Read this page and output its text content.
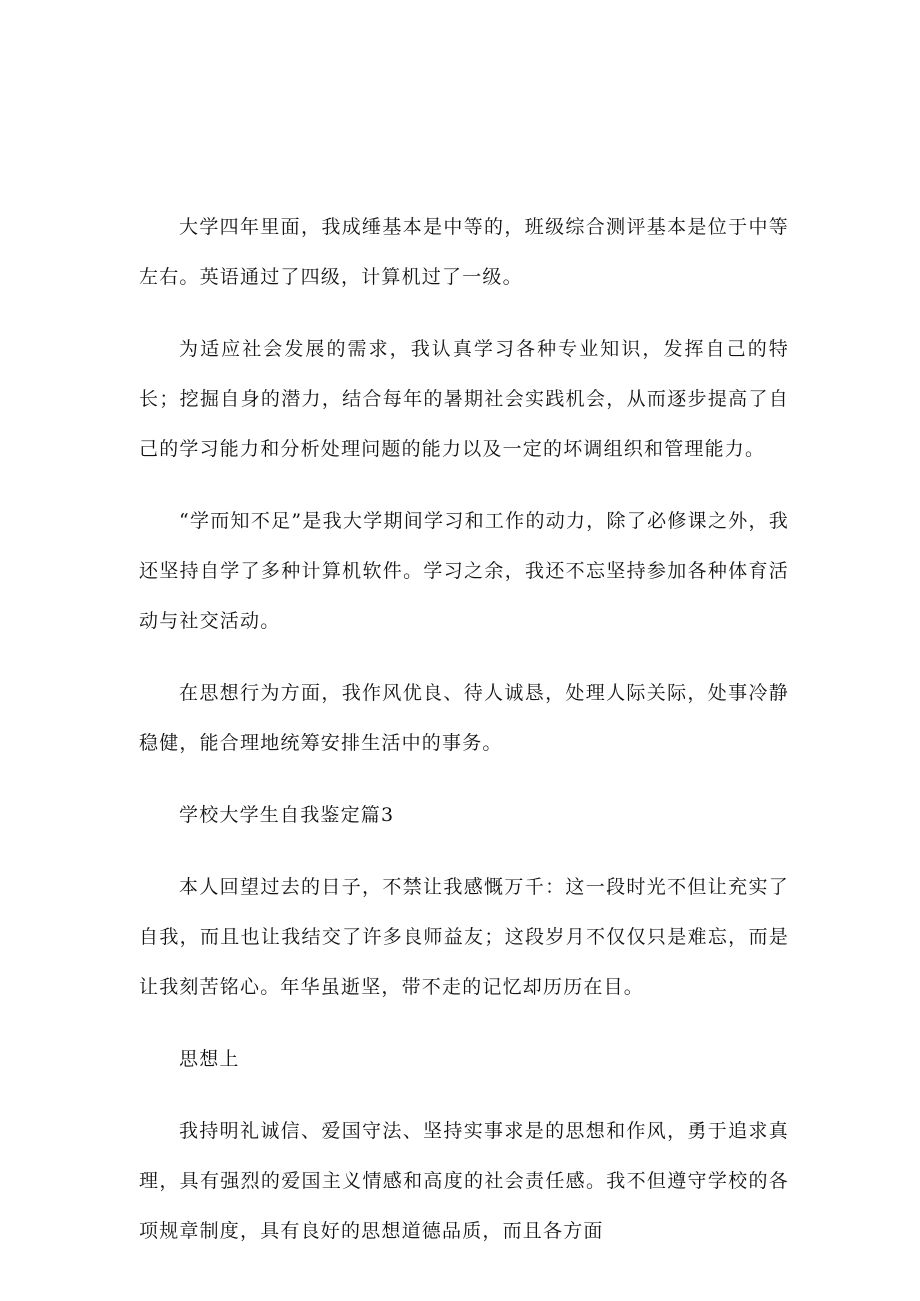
大学四年里面，我成缍基本是中等的，班级综合测评基本是位于中等左右。英语通过了四级，计算机过了一级。

为适应社会发展的需求，我认真学习各种专业知识，发挥自己的特长；挖掘自身的潜力，结合每年的暑期社会实践机会，从而逐步提高了自己的学习能力和分析处理问题的能力以及一定的坏调组织和管理能力。

“学而知不足”是我大学期间学习和工作的动力，除了必修课之外，我还坚持自学了多种计算机软件。学习之余，我还不忘坚持参加各种体育活动与社交活动。

在思想行为方面，我作风优良、待人诚恳，处理人际关际，处事冷静稳健，能合理地统筹安排生活中的事务。

学校大学生自我鉴定篇3

本人回望过去的日子，不禁让我感慨万千：这一段时光不但让充实了自我，而且也让我结交了许多良师益友；这段岁月不仅仅只是难忘，而是让我刻苦铭心。年华虽逝坚，带不走的记忆却历历在目。

思想上

我持明礼诚信、爱国守法、坚持实事求是的思想和作风，勇于追求真理，具有强烈的爱国主义情感和高度的社会责任感。我不但遵守学校的各项规章制度，具有良好的思想道德品质，而且各方面
